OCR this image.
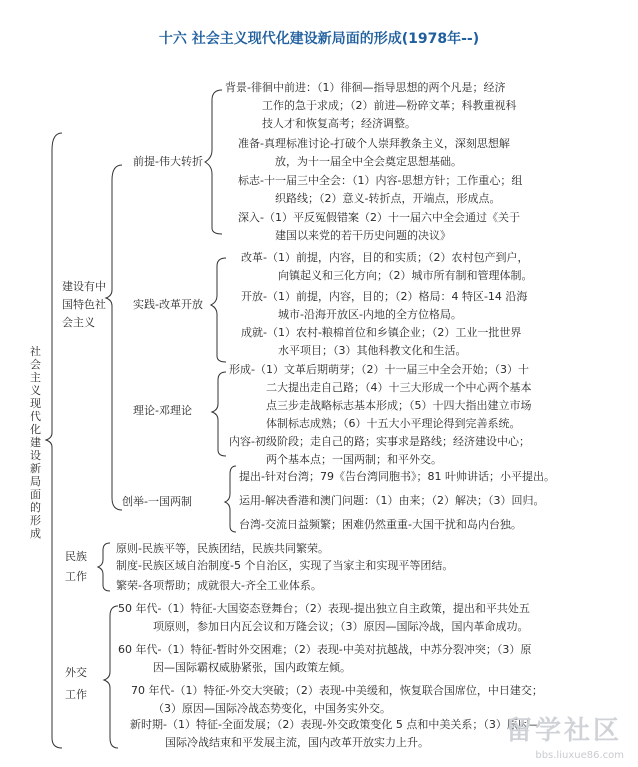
十六 社会主义现代化建设新局面的形成(1978年--)
社会主义现代化建设新局面的形成
建设有中
国特色社
会主义
前提-伟大转折
背景-徘徊中前进：（1）徘徊—指导思想的两个凡是；经济
工作的急于求成；（2）前进—粉碎文革；科教重视科
技人才和恢复高考；经济调整。
准备-真理标准讨论-打破个人崇拜教条主义，深刻思想解
放，为十一届全中全会奠定思想基础。
标志-十一届三中全会：（1）内容-思想方针；工作重心；组
织路线；（2）意义-转折点，开端点，形成点。
深入-（1）平反冤假错案（2）十一届六中全会通过《关于
建国以来党的若干历史问题的决议》
实践-改革开放
改革-（1）前提，内容，目的和实质；（2）农村包产到户，
向镇起义和三化方向；（2）城市所有制和管理体制。
开放-（1）前提，内容，目的；（2）格局：4 特区-14 沿海
城市-沿海开放区-内地的全方位格局。
成就-（1）农村-粮棉首位和乡镇企业；（2）工业一批世界
水平项目；（3）其他科教文化和生活。
理论-邓理论
形成-（1）文革后期萌芽；（2）十一届三中全会开始；（3）十
二大提出走自己路；（4）十三大形成一个中心两个基本
点三步走战略标志基本形成；（5）十四大指出建立市场
体制标志成熟；（6）十五大小平理论得到完善系统。
内容-初级阶段；走自己的路；实事求是路线；经济建设中心；
两个基本点；一国两制；和平外交。
创举-一国两制
提出-针对台湾；79《告台湾同胞书》；81 叶帅讲话；小平提出。
运用-解决香港和澳门问题：（1）由来；（2）解决；（3）回归。
台湾-交流日益频繁；困难仍然重重-大国干扰和岛内台独。
民族
工作
原则-民族平等，民族团结，民族共同繁荣。
制度-民族区域自治制度-5 个自治区，实现了当家主和实现平等团结。
繁荣-各项帮助；成就很大-齐全工业体系。
外交
工作
50 年代-（1）特征-大国姿态登舞台；（2）表现-提出独立自主政策，提出和平共处五
项原则，参加日内瓦会议和万隆会议；（3）原因—国际冷战，国内革命成功。
60 年代-（1）特征-暂时外交困难；（2）表现-中美对抗越战，中苏分裂冲突；（3）原
因—国际霸权威胁紧张，国内政策左倾。
70 年代-（1）特征-外交大突破；（2）表现-中美缓和，恢复联合国席位，中日建交；
（3）原因—国际冷战态势变化，中国务实外交。
新时期-（1）特征-全面发展；（2）表现-外交政策变化 5 点和中美关系；（3）原因—
国际冷战结束和平发展主流，国内改革开放实力上升。	留学社区
bbs.liuxue86.com
